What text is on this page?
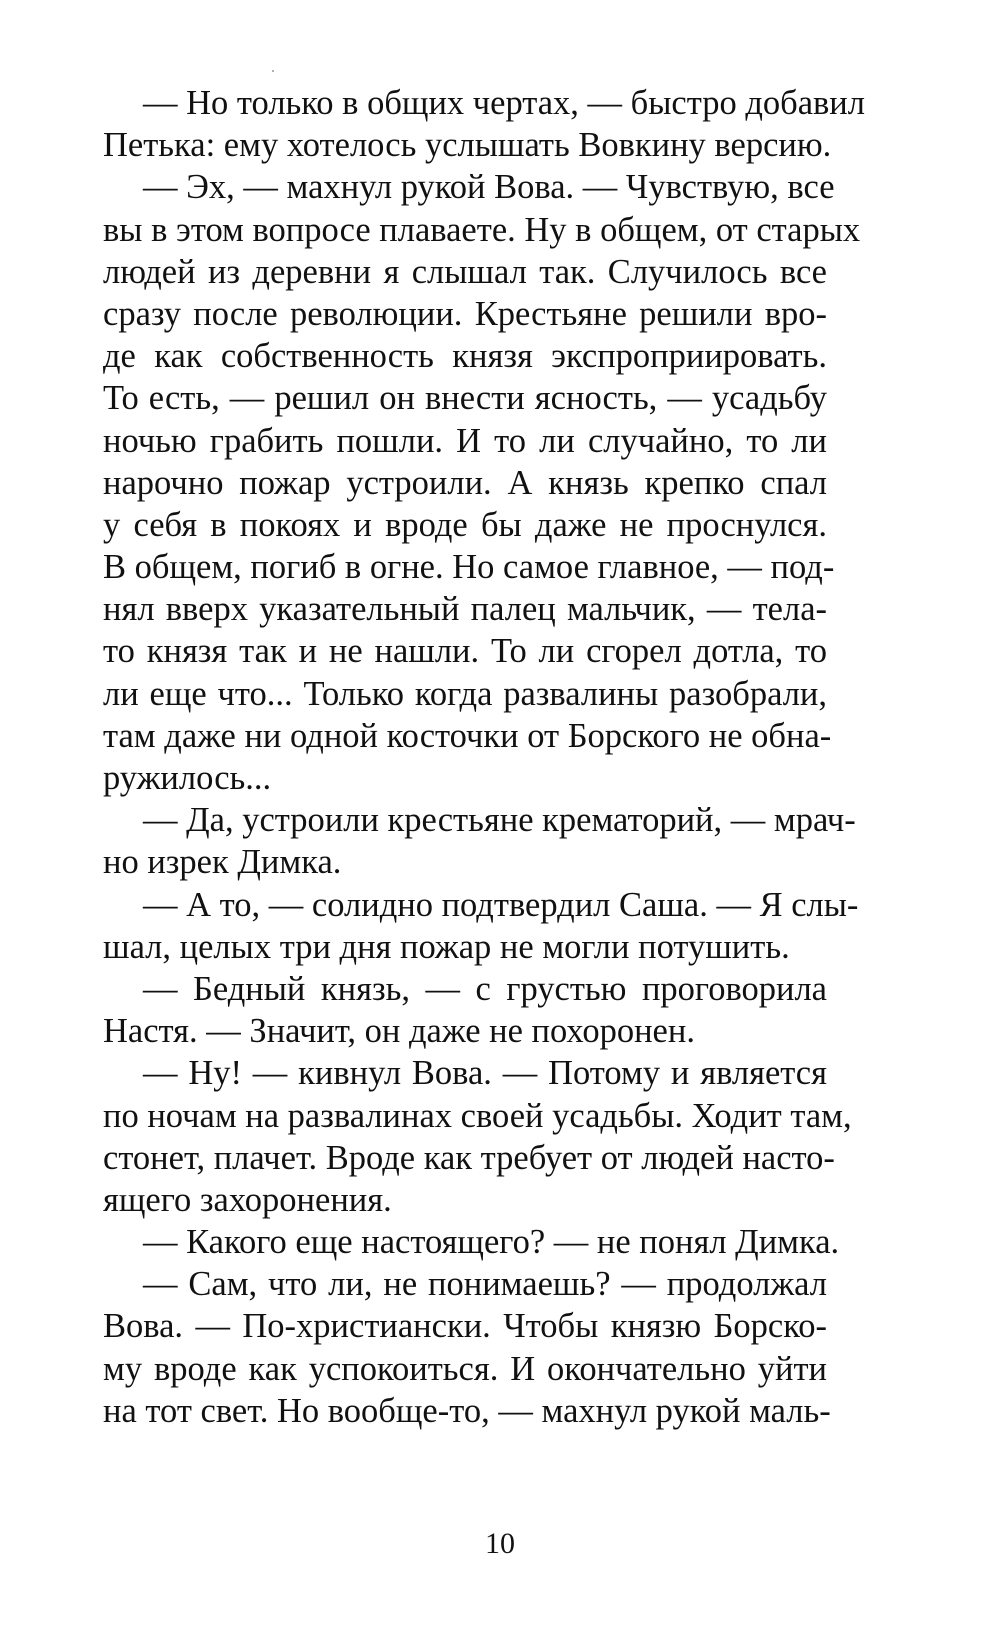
— Но только в общих чертах, — быстро добавил
Петька: ему хотелось услышать Вовкину версию.
— Эх, — махнул рукой Вова. — Чувствую, все
вы в этом вопросе плаваете. Ну в общем, от старых
людей из деревни я слышал так. Случилось все
сразу после революции. Крестьяне решили вро-
де как собственность князя экспроприировать.
То есть, — решил он внести ясность, — усадьбу
ночью грабить пошли. И то ли случайно, то ли
нарочно пожар устроили. А князь крепко спал
у себя в покоях и вроде бы даже не проснулся.
В общем, погиб в огне. Но самое главное, — под-
нял вверх указательный палец мальчик, — тела-
то князя так и не нашли. То ли сгорел дотла, то
ли еще что... Только когда развалины разобрали,
там даже ни одной косточки от Борского не обна-
ружилось...
— Да, устроили крестьяне крематорий, — мрач-
но изрек Димка.
— А то, — солидно подтвердил Саша. — Я слы-
шал, целых три дня пожар не могли потушить.
— Бедный князь, — с грустью проговорила
Настя. — Значит, он даже не похоронен.
— Ну! — кивнул Вова. — Потому и является
по ночам на развалинах своей усадьбы. Ходит там,
стонет, плачет. Вроде как требует от людей насто-
ящего захоронения.
— Какого еще настоящего? — не понял Димка.
— Сам, что ли, не понимаешь? — продолжал
Вова. — По-христиански. Чтобы князю Борско-
му вроде как успокоиться. И окончательно уйти
на тот свет. Но вообще-то, — махнул рукой маль-
10
